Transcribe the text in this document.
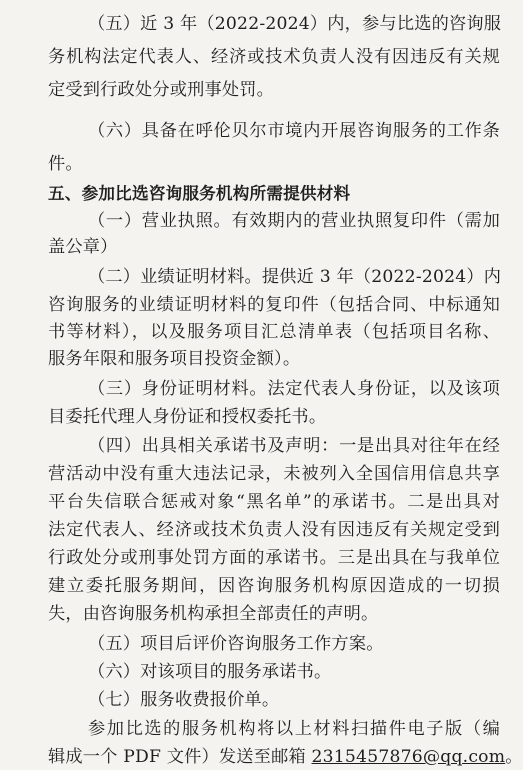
（五）近 3 年（2022-2024）内，参与比选的咨询服
务机构法定代表人、经济或技术负责人没有因违反有关规
定受到行政处分或刑事处罚。
（六）具备在呼伦贝尔市境内开展咨询服务的工作条
件。
五、参加比选咨询服务机构所需提供材料
（一）营业执照。有效期内的营业执照复印件（需加
盖公章）
（二）业绩证明材料。提供近 3 年（2022-2024）内
咨询服务的业绩证明材料的复印件（包括合同、中标通知
书等材料），以及服务项目汇总清单表（包括项目名称、
服务年限和服务项目投资金额）。
（三）身份证明材料。法定代表人身份证，以及该项
目委托代理人身份证和授权委托书。
（四）出具相关承诺书及声明：一是出具对往年在经
营活动中没有重大违法记录，未被列入全国信用信息共享
平台失信联合惩戒对象“黑名单”的承诺书。二是出具对
法定代表人、经济或技术负责人没有因违反有关规定受到
行政处分或刑事处罚方面的承诺书。三是出具在与我单位
建立委托服务期间，因咨询服务机构原因造成的一切损
失，由咨询服务机构承担全部责任的声明。
（五）项目后评价咨询服务工作方案。
（六）对该项目的服务承诺书。
（七）服务收费报价单。
参加比选的服务机构将以上材料扫描件电子版（编
辑成一个 PDF 文件）发送至邮箱 2315457876@qq.com。
